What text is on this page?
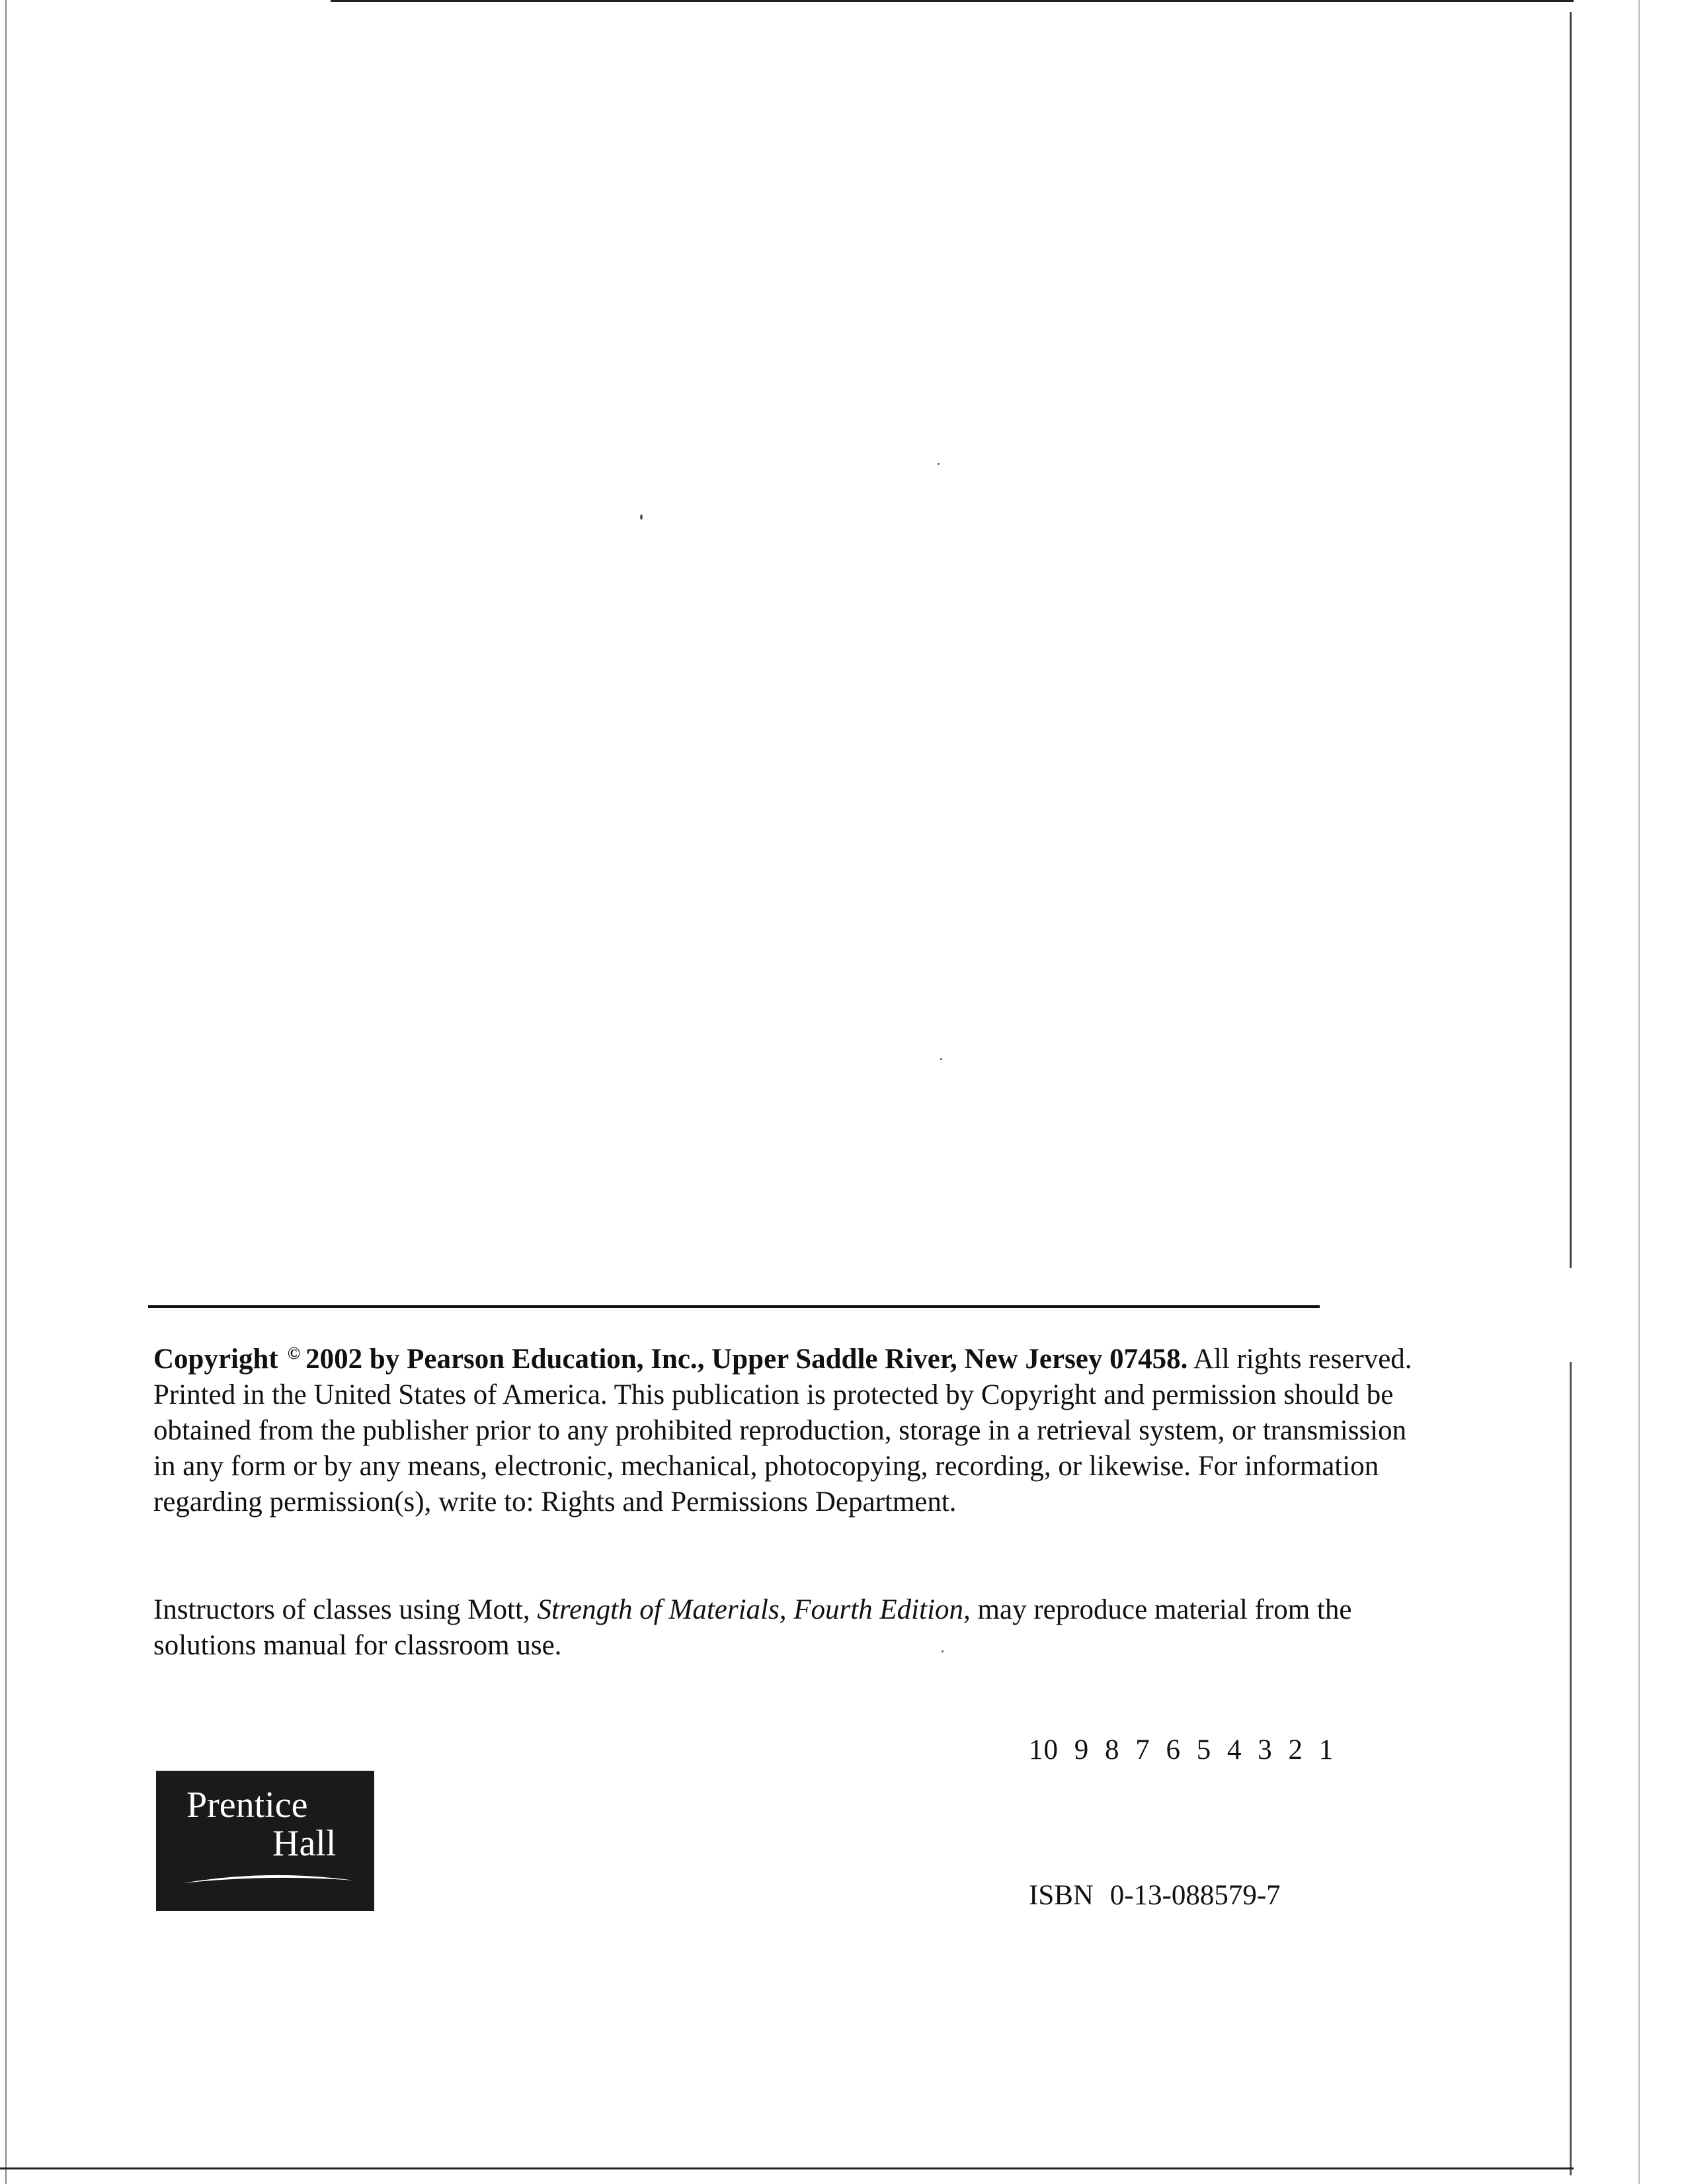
Copyright © 2002 by Pearson Education, Inc., Upper Saddle River, New Jersey 07458. All rights reserved. Printed in the United States of America. This publication is protected by Copyright and permission should be obtained from the publisher prior to any prohibited reproduction, storage in a retrieval system, or transmission in any form or by any means, electronic, mechanical, photocopying, recording, or likewise. For information regarding permission(s), write to: Rights and Permissions Department.

Instructors of classes using Mott, Strength of Materials, Fourth Edition, may reproduce material from the solutions manual for classroom use.

10 9 8 7 6 5 4 3 2 1
Prentice
Hall
ISBN 0-13-088579-7
